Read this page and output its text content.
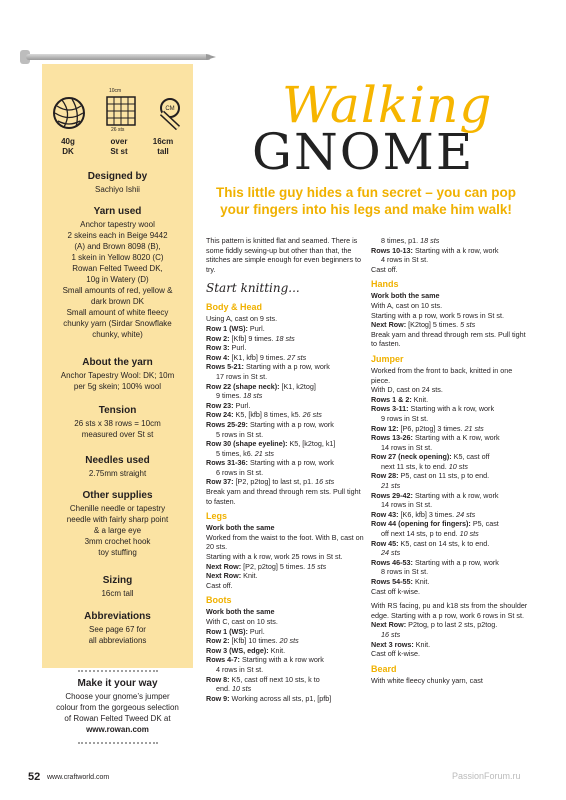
CM
10cm
26 sts
40g
DK
over
St st
16cm
tall
Designed by
Sachiyo Ishii
Yarn used
Anchor tapestry wool
2 skeins each in Beige 9442
(A) and Brown 8098 (B),
1 skein in Yellow 8020 (C)
Rowan Felted Tweed DK,
10g in Watery (D)
Small amounts of red, yellow &
dark brown DK
Small amount of white fleecy
chunky yarn (Sirdar Snowflake
chunky, white)
About the yarn
Anchor Tapestry Wool: DK; 10m
per 5g skein; 100% wool
Tension
26 sts x 38 rows = 10cm
measured over St st
Needles used
2.75mm straight
Other supplies
Chenille needle or tapestry
needle with fairly sharp point
& a large eye
3mm crochet hook
toy stuffing
Sizing
16cm tall
Abbreviations
See page 67 for
all abbreviations
Make it your way
Choose your gnome’s jumper
colour from the gorgeous selection
of Rowan Felted Tweed DK at
www.rowan.com
Walking
GNOME
This little guy hides a fun secret – you can pop your fingers into his legs and make him walk!

This pattern is knitted flat and seamed. There is some fiddly sewing-up but other than that, the stitches are simple enough for even beginners to try.

Start knitting...

Body & Head

Using A, cast on 9 sts.

Row 1 (WS): Purl.

Row 2: [Kfb] 9 times. 18 sts

Row 3: Purl.

Row 4: [K1, kfb] 9 times. 27 sts

Rows 5-21: Starting with a p row, work

17 rows in St st.

Row 22 (shape neck): [K1, k2tog]

9 times. 18 sts

Row 23: Purl.

Row 24: K5, [kfb] 8 times, k5. 26 sts

Rows 25-29: Starting with a p row, work

5 rows in St st.

Row 30 (shape eyeline): K5, [k2tog, k1]

5 times, k6. 21 sts

Rows 31-36: Starting with a p row, work

6 rows in St st.

Row 37: [P2, p2tog] to last st, p1. 16 sts

Break yarn and thread through rem sts. Pull tight to fasten.

Legs

Work both the same

Worked from the waist to the foot. With B, cast on 20 sts.

Starting with a k row, work 25 rows in St st.

Next Row: [P2, p2tog] 5 times. 15 sts

Next Row: Knit.

Cast off.

Boots

Work both the same

With C, cast on 10 sts.

Row 1 (WS): Purl.

Row 2: [Kfb] 10 times. 20 sts

Row 3 (WS, edge): Knit.

Rows 4-7: Starting with a k row work

4 rows in St st.

Row 8: K5, cast off next 10 sts, k to

end. 10 sts

Row 9: Working across all sts, p1, [pfb]

8 times, p1. 18 sts

Rows 10-13: Starting with a k row, work

4 rows in St st.

Cast off.

Hands

Work both the same

With A, cast on 10 sts.

Starting with a p row, work 5 rows in St st.

Next Row: [K2tog] 5 times. 5 sts

Break yarn and thread through rem sts. Pull tight to fasten.

Jumper

Worked from the front to back, knitted in one piece.

With D, cast on 24 sts.

Rows 1 & 2: Knit.

Rows 3-11: Starting with a k row, work

9 rows in St st.

Row 12: [P6, p2tog] 3 times. 21 sts

Rows 13-26: Starting with a K row, work

14 rows in St st.

Row 27 (neck opening): K5, cast off

next 11 sts, k to end. 10 sts

Row 28: P5, cast on 11 sts, p to end.

21 sts

Rows 29-42: Starting with a k row, work

14 rows in St st.

Row 43: [K6, kfb] 3 times. 24 sts

Row 44 (opening for fingers): P5, cast

off next 14 sts, p to end. 10 sts

Row 45: K5, cast on 14 sts, k to end.

24 sts

Rows 46-53: Starting with a p row, work

8 rows in St st.

Rows 54-55: Knit.

Cast off k-wise.

With RS facing, pu and k18 sts from the shoulder edge. Starting with a p row, work 6 rows in St st.

Next Row: P2tog, p to last 2 sts, p2tog.

16 sts

Next 3 rows: Knit.

Cast off k-wise.

Beard

With white fleecy chunky yarn, cast

52 www.craftworld.com	PassionForum.ru
